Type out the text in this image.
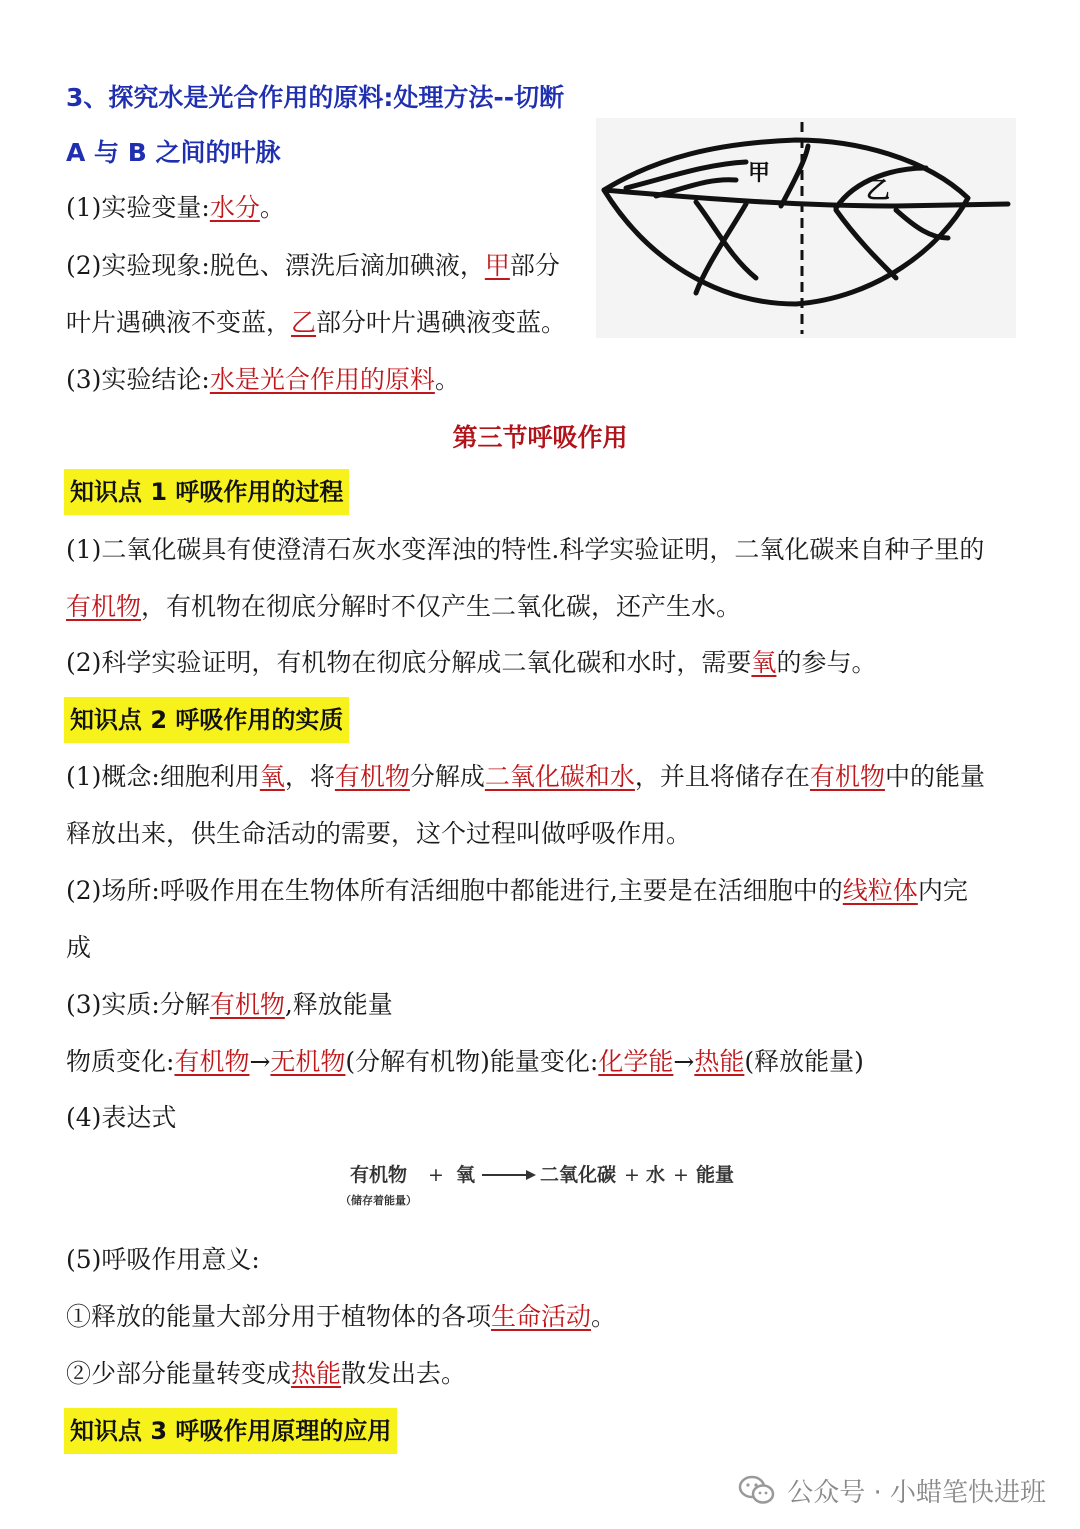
3、探究水是光合作用的原料:处理方法--切断
A 与 B 之间的叶脉
(1)实验变量:水分。
(2)实验现象:脱色、漂洗后滴加碘液，甲部分
叶片遇碘液不变蓝，乙部分叶片遇碘液变蓝。
(3)实验结论:水是光合作用的原料。
甲
乙
第三节呼吸作用
知识点 1 呼吸作用的过程
(1)二氧化碳具有使澄清石灰水变浑浊的特性.科学实验证明，二氧化碳来自种子里的
有机物，有机物在彻底分解时不仅产生二氧化碳，还产生水。
(2)科学实验证明，有机物在彻底分解成二氧化碳和水时，需要氧的参与。
知识点 2 呼吸作用的实质
(1)概念:细胞利用氧，将有机物分解成二氧化碳和水，并且将储存在有机物中的能量
释放出来，供生命活动的需要，这个过程叫做呼吸作用。
(2)场所:呼吸作用在生物体所有活细胞中都能进行,主要是在活细胞中的线粒体内完
成
(3)实质:分解有机物,释放能量
物质变化:有机物→无机物(分解有机物)能量变化:化学能→热能(释放能量)
(4)表达式
有机物 + 氧	二氧化碳 + 水 + 能量
（储存着能量）
(5)呼吸作用意义:
①释放的能量大部分用于植物体的各项生命活动。
②少部分能量转变成热能散发出去。
知识点 3 呼吸作用原理的应用
公众号 · 小蜡笔快进班
